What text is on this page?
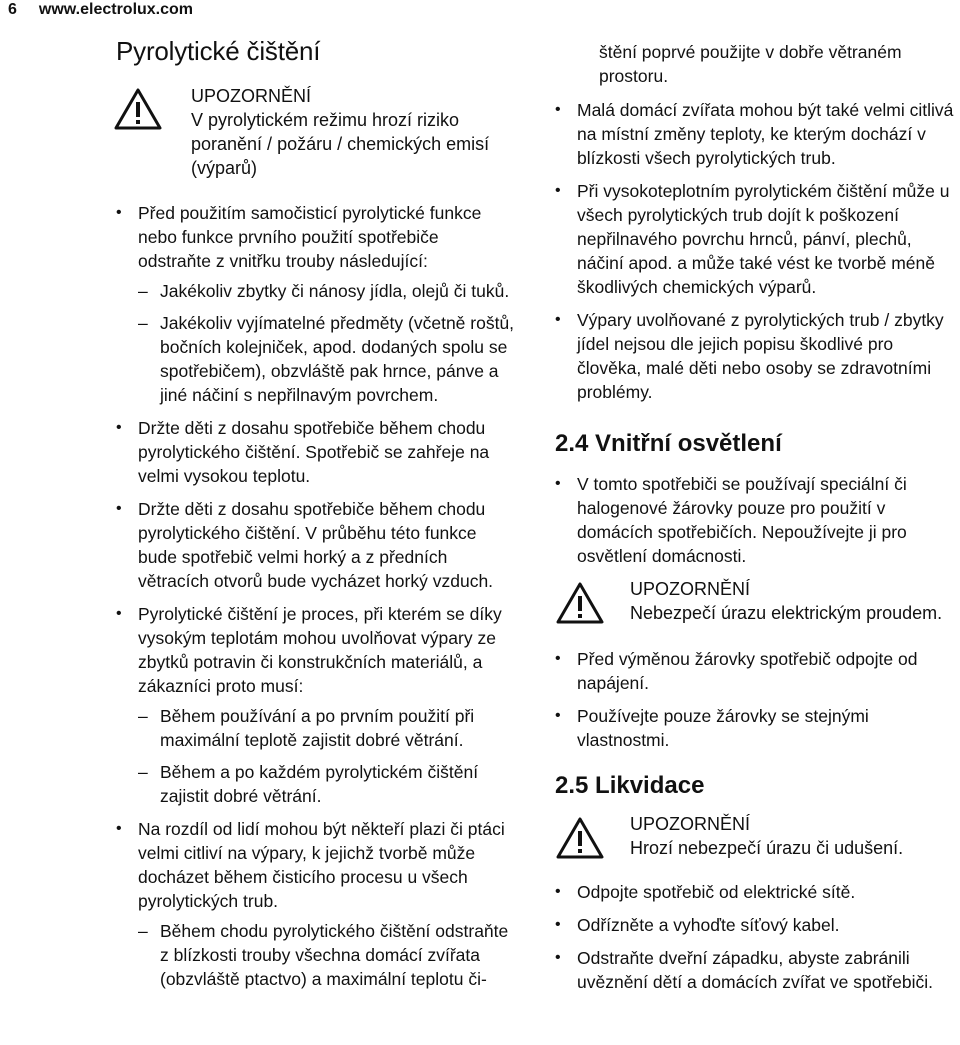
6 www.electrolux.com
Pyrolytické čištění
UPOZORNĚNÍ
V pyrolytickém režimu hrozí riziko poranění / požáru / chemických emisí (výparů)
• Před použitím samočisticí pyrolytické funkce nebo funkce prvního použití spotřebiče odstraňte z vnitřku trouby následující:
– Jakékoliv zbytky či nánosy jídla, olejů či tuků.
– Jakékoliv vyjímatelné předměty (včetně roštů, bočních kolejniček, apod. dodaných spolu se spotřebičem), obzvláště pak hrnce, pánve a jiné náčiní s nepřilnavým povrchem.
• Držte děti z dosahu spotřebiče během chodu pyrolytického čištění. Spotřebič se zahřeje na velmi vysokou teplotu.
• Držte děti z dosahu spotřebiče během chodu pyrolytického čištění. V průběhu této funkce bude spotřebič velmi horký a z předních větracích otvorů bude vycházet horký vzduch.
• Pyrolytické čištění je proces, při kterém se díky vysokým teplotám mohou uvolňovat výpary ze zbytků potravin či konstrukčních materiálů, a zákazníci proto musí:
– Během používání a po prvním použití při maximální teplotě zajistit dobré větrání.
– Během a po každém pyrolytickém čištění zajistit dobré větrání.
• Na rozdíl od lidí mohou být někteří plazi či ptáci velmi citliví na výpary, k jejichž tvorbě může docházet během čisticího procesu u všech pyrolytických trub.
– Během chodu pyrolytického čištění odstraňte z blízkosti trouby všechna domácí zvířata (obzvláště ptactvo) a maximální teplotu či-
štění poprvé použijte v dobře větraném prostoru.
• Malá domácí zvířata mohou být také velmi citlivá na místní změny teploty, ke kterým dochází v blízkosti všech pyrolytických trub.
• Při vysokoteplotním pyrolytickém čištění může u všech pyrolytických trub dojít k poškození nepřilnavého povrchu hrnců, pánví, plechů, náčiní apod. a může také vést ke tvorbě méně škodlivých chemických výparů.
• Výpary uvolňované z pyrolytických trub / zbytky jídel nejsou dle jejich popisu škodlivé pro člověka, malé děti nebo osoby se zdravotními problémy.
2.4 Vnitřní osvětlení
• V tomto spotřebiči se používají speciální či halogenové žárovky pouze pro použití v domácích spotřebičích. Nepoužívejte ji pro osvětlení domácnosti.
UPOZORNĚNÍ
Nebezpečí úrazu elektrickým proudem.
• Před výměnou žárovky spotřebič odpojte od napájení.
• Používejte pouze žárovky se stejnými vlastnostmi.
2.5 Likvidace
UPOZORNĚNÍ
Hrozí nebezpečí úrazu či udušení.
• Odpojte spotřebič od elektrické sítě.
• Odřízněte a vyhoďte síťový kabel.
• Odstraňte dveřní západku, abyste zabránili uvěznění dětí a domácích zvířat ve spotřebiči.
